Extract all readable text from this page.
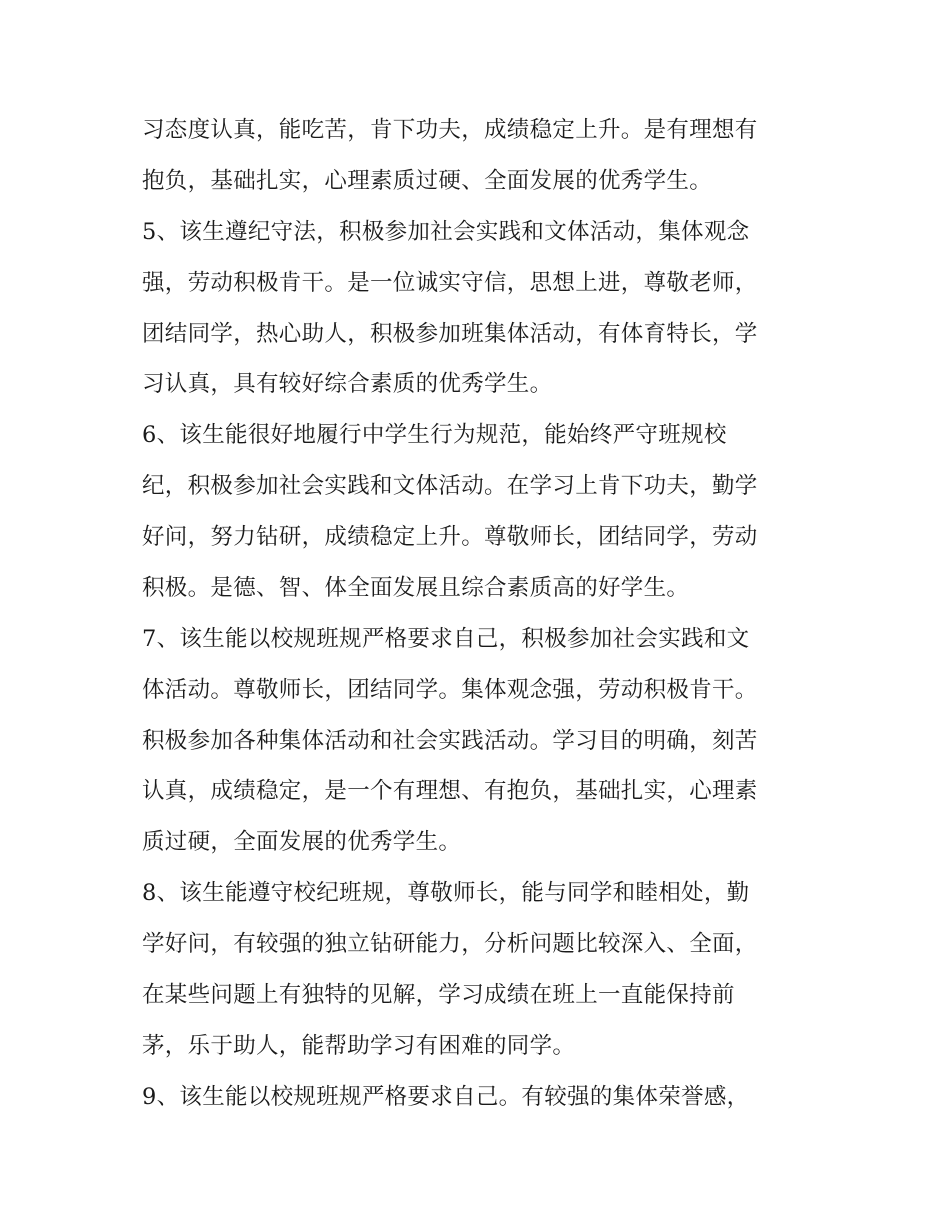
习态度认真，能吃苦，肯下功夫，成绩稳定上升。是有理想有
抱负，基础扎实，心理素质过硬、全面发展的优秀学生。
5、该生遵纪守法，积极参加社会实践和文体活动，集体观念
强，劳动积极肯干。是一位诚实守信，思想上进，尊敬老师，
团结同学，热心助人，积极参加班集体活动，有体育特长，学
习认真，具有较好综合素质的优秀学生。
6、该生能很好地履行中学生行为规范，能始终严守班规校
纪，积极参加社会实践和文体活动。在学习上肯下功夫，勤学
好问，努力钻研，成绩稳定上升。尊敬师长，团结同学，劳动
积极。是德、智、体全面发展且综合素质高的好学生。
7、该生能以校规班规严格要求自己，积极参加社会实践和文
体活动。尊敬师长，团结同学。集体观念强，劳动积极肯干。
积极参加各种集体活动和社会实践活动。学习目的明确，刻苦
认真，成绩稳定，是一个有理想、有抱负，基础扎实，心理素
质过硬，全面发展的优秀学生。
8、该生能遵守校纪班规，尊敬师长，能与同学和睦相处，勤
学好问，有较强的独立钻研能力，分析问题比较深入、全面，
在某些问题上有独特的见解，学习成绩在班上一直能保持前
茅，乐于助人，能帮助学习有困难的同学。
9、该生能以校规班规严格要求自己。有较强的集体荣誉感，
